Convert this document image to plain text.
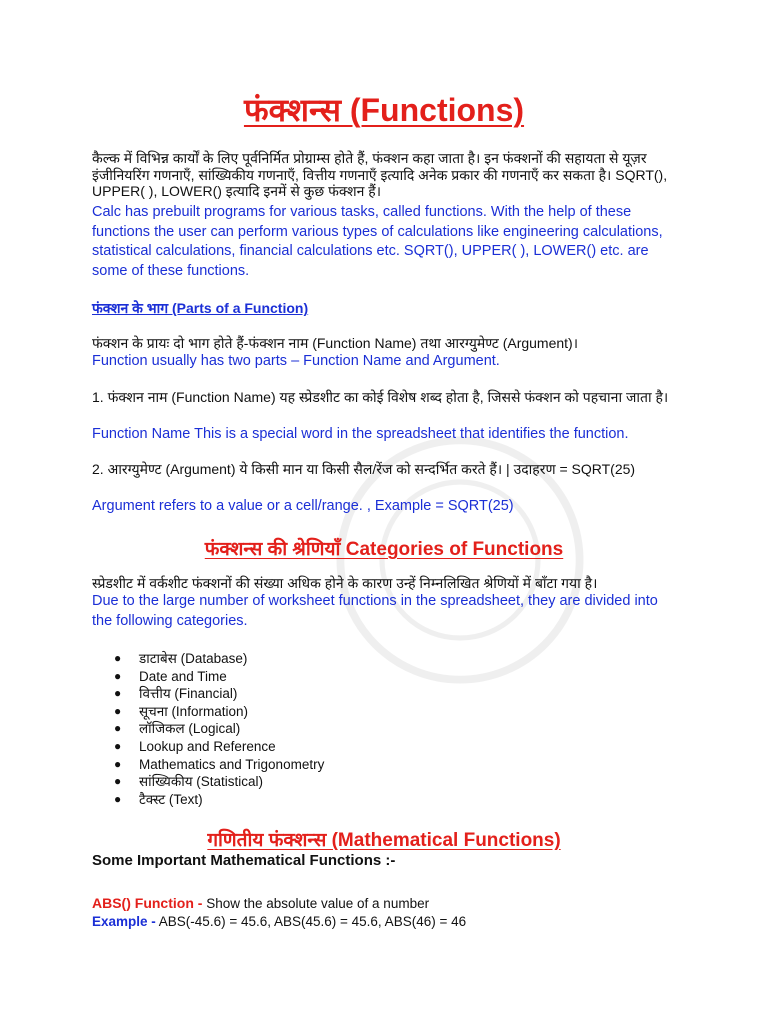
फंक्शन्स (Functions)

कैल्क में विभिन्न कार्यों के लिए पूर्वनिर्मित प्रोग्राम्स होते हैं, फंक्शन कहा जाता है। इन फंक्शनों की सहायता से यूज़र इंजीनियरिंग गणनाएँ, सांख्यिकीय गणनाएँ, वित्तीय गणनाएँ इत्यादि अनेक प्रकार की गणनाएँ कर सकता है। SQRT(), UPPER( ), LOWER() इत्यादि इनमें से कुछ फंक्शन हैं।

Calc has prebuilt programs for various tasks, called functions. With the help of these functions the user can perform various types of calculations like engineering calculations, statistical calculations, financial calculations etc. SQRT(), UPPER( ), LOWER() etc. are some of these functions.

फंक्शन के भाग (Parts of a Function)

फंक्शन के प्रायः दो भाग होते हैं-फंक्शन नाम (Function Name) तथा आरग्युमेण्ट (Argument)।

Function usually has two parts – Function Name and Argument.

1. फंक्शन नाम (Function Name) यह स्प्रेडशीट का कोई विशेष शब्द होता है, जिससे फंक्शन को पहचाना जाता है।

Function Name This is a special word in the spreadsheet that identifies the function.

2. आरग्युमेण्ट (Argument) ये किसी मान या किसी सैल/रेंज को सन्दर्भित करते हैं। | उदाहरण = SQRT(25)

Argument refers to a value or a cell/range. , Example = SQRT(25)

फंक्शन्स की श्रेणियाँ Categories of Functions

स्प्रेडशीट में वर्कशीट फंक्शनों की संख्या अधिक होने के कारण उन्हें निम्नलिखित श्रेणियों में बाँटा गया है।

Due to the large number of worksheet functions in the spreadsheet, they are divided into the following categories.

● डाटाबेस (Database)
● Date and Time
● वित्तीय (Financial)
● सूचना (Information)
● लॉजिकल (Logical)
● Lookup and Reference
● Mathematics and Trigonometry
● सांख्यिकीय (Statistical)
● टैक्स्ट (Text)
गणितीय फंक्शन्स (Mathematical Functions)

Some Important Mathematical Functions :-

ABS() Function - Show the absolute value of a number

Example - ABS(-45.6) = 45.6, ABS(45.6) = 45.6, ABS(46) = 46
